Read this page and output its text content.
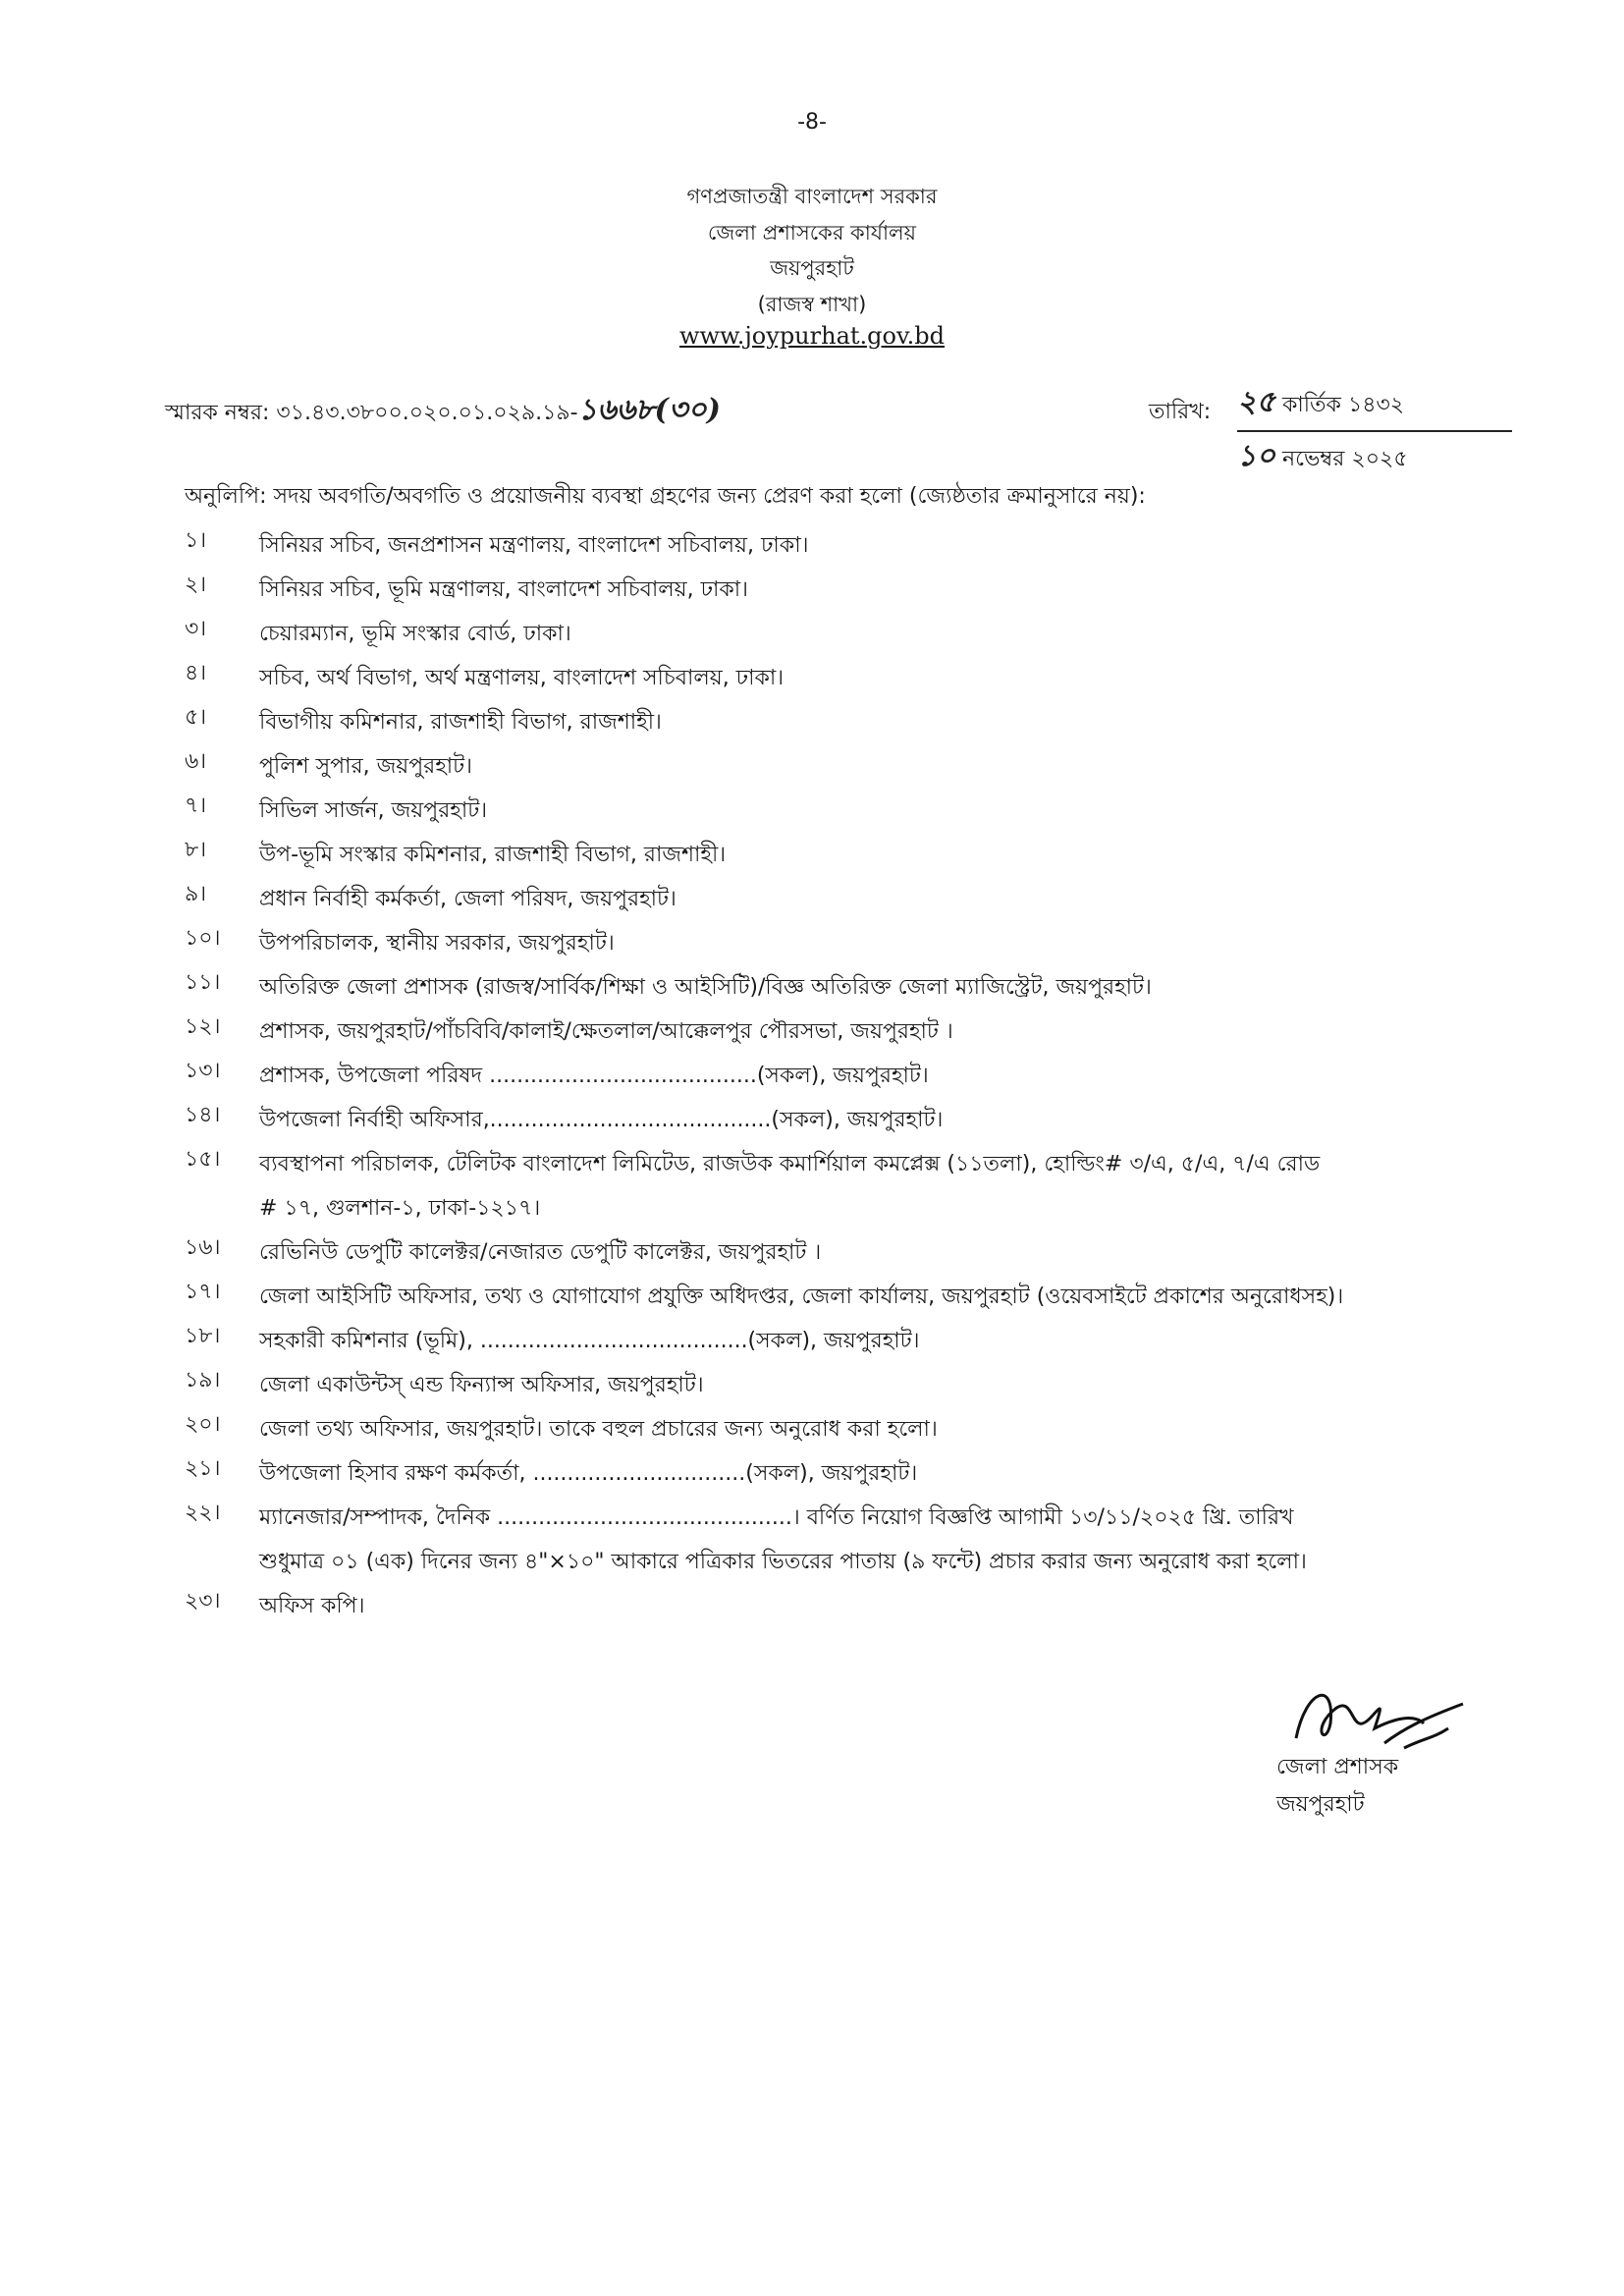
-8-
গণপ্রজাতন্ত্রী বাংলাদেশ সরকার
জেলা প্রশাসকের কার্যালয়
জয়পুরহাট
(রাজস্ব শাখা)
www.joypurhat.gov.bd
স্মারক নম্বর: ৩১.৪৩.৩৮০০.০২০.০১.০২৯.১৯-১৬৬৮(৩০)	তারিখ: ২৫ কার্তিক ১৪৩২
১০ নভেম্বর ২০২৫
অনুলিপি: সদয় অবগতি/অবগতি ও প্রয়োজনীয় ব্যবস্থা গ্রহণের জন্য প্রেরণ করা হলো (জ্যেষ্ঠতার ক্রমানুসারে নয়):
১।	সিনিয়র সচিব, জনপ্রশাসন মন্ত্রণালয়, বাংলাদেশ সচিবালয়, ঢাকা।
২।	সিনিয়র সচিব, ভূমি মন্ত্রণালয়, বাংলাদেশ সচিবালয়, ঢাকা।
৩।	চেয়ারম্যান, ভূমি সংস্কার বোর্ড, ঢাকা।
৪।	সচিব, অর্থ বিভাগ, অর্থ মন্ত্রণালয়, বাংলাদেশ সচিবালয়, ঢাকা।
৫।	বিভাগীয় কমিশনার, রাজশাহী বিভাগ, রাজশাহী।
৬।	পুলিশ সুপার, জয়পুরহাট।
৭।	সিভিল সার্জন, জয়পুরহাট।
৮।	উপ-ভূমি সংস্কার কমিশনার, রাজশাহী বিভাগ, রাজশাহী।
৯।	প্রধান নির্বাহী কর্মকর্তা, জেলা পরিষদ, জয়পুরহাট।
১০।	উপপরিচালক, স্থানীয় সরকার, জয়পুরহাট।
১১।	অতিরিক্ত জেলা প্রশাসক (রাজস্ব/সার্বিক/শিক্ষা ও আইসিটি)/বিজ্ঞ অতিরিক্ত জেলা ম্যাজিস্ট্রেট, জয়পুরহাট।
১২।	প্রশাসক, জয়পুরহাট/পাঁচবিবি/কালাই/ক্ষেতলাল/আক্কেলপুর পৌরসভা, জয়পুরহাট ।
১৩।	প্রশাসক, উপজেলা পরিষদ .......................................(সকল), জয়পুরহাট।
১৪।	উপজেলা নির্বাহী অফিসার,.........................................(সকল), জয়পুরহাট।
১৫।	ব্যবস্থাপনা পরিচালক, টেলিটক বাংলাদেশ লিমিটেড, রাজউক কমার্শিয়াল কমপ্লেক্স (১১তলা), হোল্ডিং# ৩/এ, ৫/এ, ৭/এ রোড
# ১৭, গুলশান-১, ঢাকা-১২১৭।
১৬।	রেভিনিউ ডেপুটি কালেক্টর/নেজারত ডেপুটি কালেক্টর, জয়পুরহাট ।
১৭।	জেলা আইসিটি অফিসার, তথ্য ও যোগাযোগ প্রযুক্তি অধিদপ্তর, জেলা কার্যালয়, জয়পুরহাট (ওয়েবসাইটে প্রকাশের অনুরোধসহ)।
১৮।	সহকারী কমিশনার (ভূমি), .......................................(সকল), জয়পুরহাট।
১৯।	জেলা একাউন্টস্‌ এন্ড ফিন্যান্স অফিসার, জয়পুরহাট।
২০।	জেলা তথ্য অফিসার, জয়পুরহাট। তাকে বহুল প্রচারের জন্য অনুরোধ করা হলো।
২১।	উপজেলা হিসাব রক্ষণ কর্মকর্তা, ...............................(সকল), জয়পুরহাট।
২২।	ম্যানেজার/সম্পাদক, দৈনিক ...........................................। বর্ণিত নিয়োগ বিজ্ঞপ্তি আগামী ১৩/১১/২০২৫ খ্রি. তারিখ
শুধুমাত্র ০১ (এক) দিনের জন্য ৪"×১০" আকারে পত্রিকার ভিতরের পাতায় (৯ ফন্টে) প্রচার করার জন্য অনুরোধ করা হলো।
২৩।	অফিস কপি।
জেলা প্রশাসক
জয়পুরহাট
